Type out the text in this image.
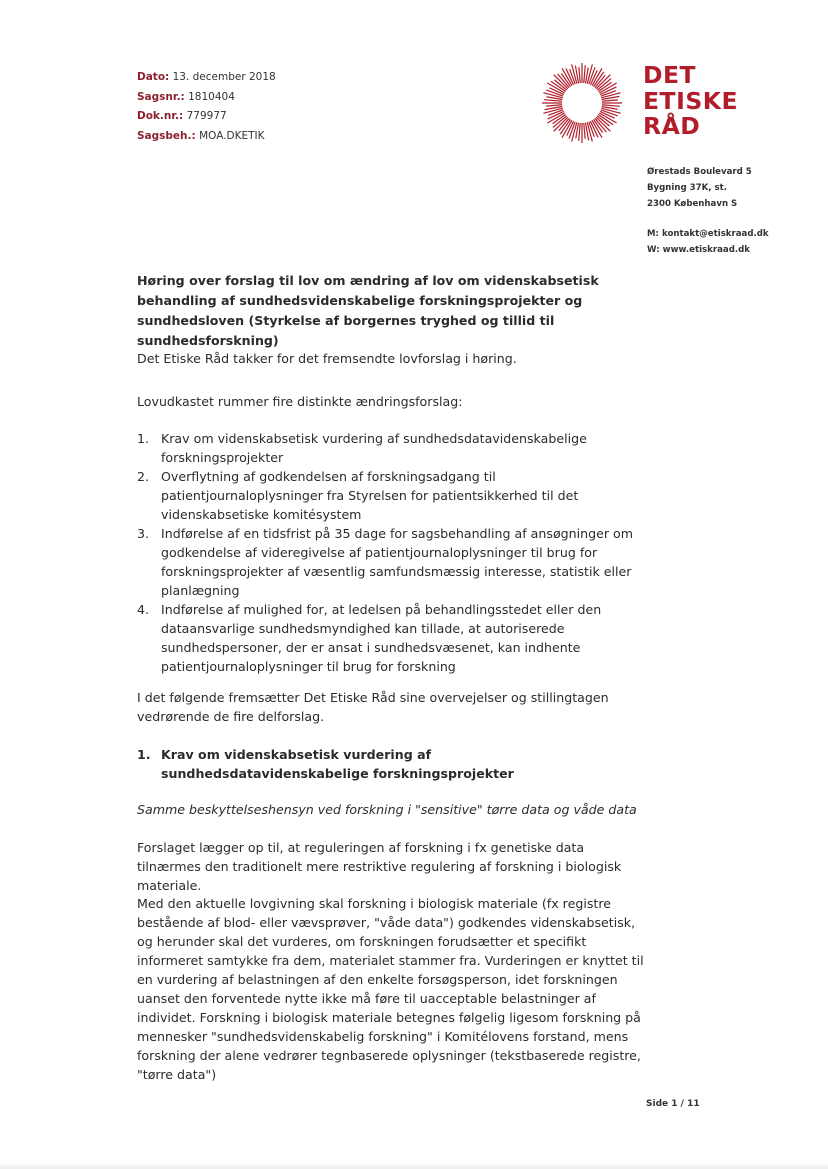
Dato: 13. december 2018
Sagsnr.: 1810404
Dok.nr.: 779977
Sagsbeh.: MOA.DKETIK
DET
ETISKE
RÅD
Ørestads Boulevard 5
Bygning 37K, st.
2300 København S
M: kontakt@etiskraad.dk
W: www.etiskraad.dk
Høring over forslag til lov om ændring af lov om videnskabsetisk behandling af sundhedsvidenskabelige forskningsprojekter og sundhedsloven (Styrkelse af borgernes tryghed og tillid til sundhedsforskning)
Det Etiske Råd takker for det fremsendte lovforslag i høring.
Lovudkastet rummer fire distinkte ændringsforslag:
1. Krav om videnskabsetisk vurdering af sundhedsdatavidenskabelige forskningsprojekter
2. Overflytning af godkendelsen af forskningsadgang til patientjournaloplysninger fra Styrelsen for patientsikkerhed til det videnskabsetiske komitésystem
3. Indførelse af en tidsfrist på 35 dage for sagsbehandling af ansøgninger om godkendelse af videregivelse af patientjournaloplysninger til brug for forskningsprojekter af væsentlig samfundsmæssig interesse, statistik eller planlægning
4. Indførelse af mulighed for, at ledelsen på behandlingsstedet eller den dataansvarlige sundhedsmyndighed kan tillade, at autoriserede sundhedspersoner, der er ansat i sundhedsvæsenet, kan indhente patientjournaloplysninger til brug for forskning
I det følgende fremsætter Det Etiske Råd sine overvejelser og stillingtagen vedrørende de fire delforslag.
1. Krav om videnskabsetisk vurdering af sundhedsdatavidenskabelige forskningsprojekter
Samme beskyttelseshensyn ved forskning i "sensitive" tørre data og våde data
Forslaget lægger op til, at reguleringen af forskning i fx genetiske data tilnærmes den traditionelt mere restriktive regulering af forskning i biologisk materiale.
Med den aktuelle lovgivning skal forskning i biologisk materiale (fx registre bestående af blod- eller vævsprøver, "våde data") godkendes videnskabsetisk, og herunder skal det vurderes, om forskningen forudsætter et specifikt informeret samtykke fra dem, materialet stammer fra. Vurderingen er knyttet til en vurdering af belastningen af den enkelte forsøgsperson, idet forskningen uanset den forventede nytte ikke må føre til uacceptable belastninger af individet. Forskning i biologisk materiale betegnes følgelig ligesom forskning på mennesker "sundhedsvidenskabelig forskning" i Komitélovens forstand, mens forskning der alene vedrører tegnbaserede oplysninger (tekstbaserede registre, "tørre data")
Side 1 / 11
